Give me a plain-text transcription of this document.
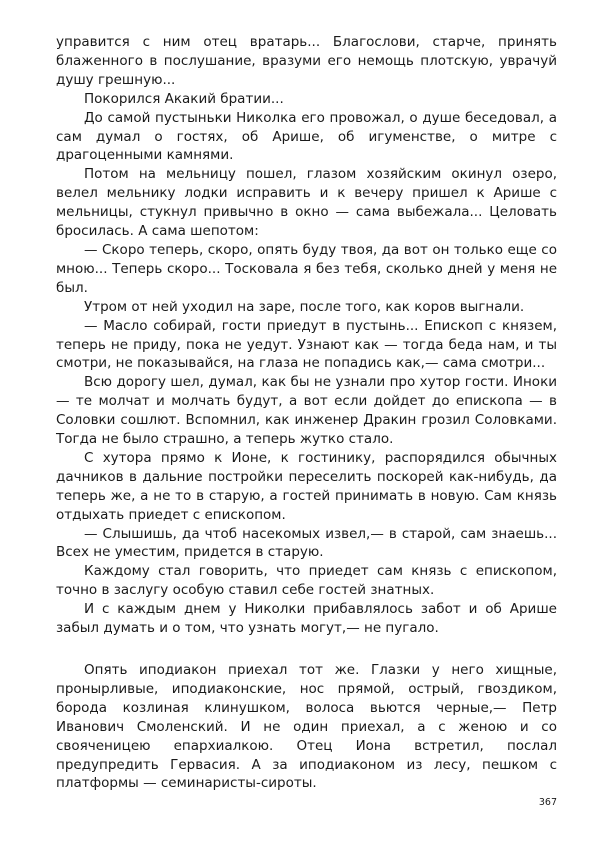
управится с ним отец вратарь... Благослови, старче, принять блаженного в послушание, вразуми его немощь плотскую, уврачуй душу грешную...

Покорился Акакий братии...

До самой пустыньки Николка его провожал, о душе беседовал, а сам думал о гостях, об Арише, об игуменстве, о митре с драгоценными камнями.

Потом на мельницу пошел, глазом хозяйским окинул озеро, велел мельнику лодки исправить и к вечеру пришел к Арише с мельницы, стукнул привычно в окно — сама выбежала... Целовать бросилась. А сама шепотом:

— Скоро теперь, скоро, опять буду твоя, да вот он только еще со мною... Теперь скоро... Тосковала я без тебя, сколько дней у меня не был.

Утром от ней уходил на заре, после того, как коров выгнали.

— Масло собирай, гости приедут в пустынь... Епископ с князем, теперь не приду, пока не уедут. Узнают как — тогда беда нам, и ты смотри, не показывайся, на глаза не попадись как,— сама смотри...

Всю дорогу шел, думал, как бы не узнали про хутор гости. Иноки — те молчат и молчать будут, а вот если дойдет до епископа — в Соловки сошлют. Вспомнил, как инженер Дракин грозил Соловками. Тогда не было страшно, а теперь жутко стало.

С хутора прямо к Ионе, к гостинику, распорядился обычных дачников в дальние постройки переселить поскорей как-нибудь, да теперь же, а не то в старую, а гостей принимать в новую. Сам князь отдыхать приедет с епископом.

— Слышишь, да чтоб насекомых извел,— в старой, сам знаешь... Всех не уместим, придется в старую.

Каждому стал говорить, что приедет сам князь с епископом, точно в заслугу особую ставил себе гостей знатных.

И с каждым днем у Николки прибавлялось забот и об Арише забыл думать и о том, что узнать могут,— не пугало.

Опять иподиакон приехал тот же. Глазки у него хищные, пронырливые, иподиаконские, нос прямой, острый, гвоздиком, борода козлиная клинушком, волоса вьются черные,— Петр Иванович Смоленский. И не один приехал, а с женою и со свояченицею епархиалкою. Отец Иона встретил, послал предупредить Гервасия. А за иподиаконом из лесу, пешком с платформы — семинаристы-сироты.

367
